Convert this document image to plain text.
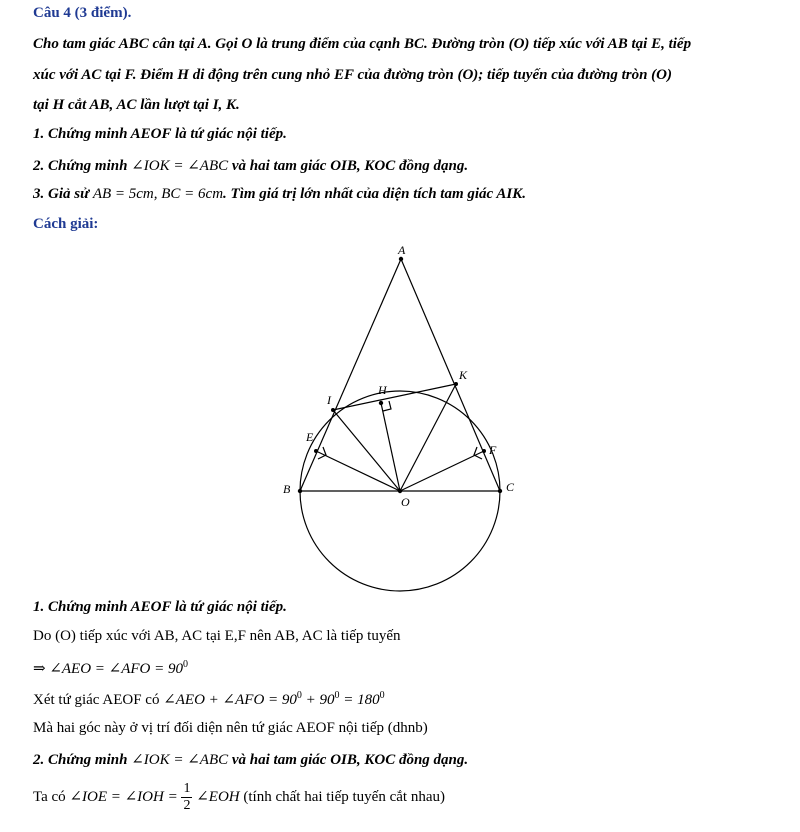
Câu 4 (3 điểm).
Cho tam giác ABC cân tại A. Gọi O là trung điểm của cạnh BC. Đường tròn (O) tiếp xúc với AB tại E, tiếp
xúc với AC tại F. Điểm H di động trên cung nhỏ EF của đường tròn (O); tiếp tuyến của đường tròn (O)
tại H cắt AB, AC lần lượt tại I, K.
1. Chứng minh AEOF là tứ giác nội tiếp.
2. Chứng minh ∠IOK = ∠ABC và hai tam giác OIB, KOC đồng dạng.
3. Giả sử AB = 5cm, BC = 6cm. Tìm giá trị lớn nhất của diện tích tam giác AIK.
Cách giải:
A
B	C
O
E
F
H
I
K
1. Chứng minh AEOF là tứ giác nội tiếp.
Do (O) tiếp xúc với AB, AC tại E,F nên AB, AC là tiếp tuyến
⇒ ∠AEO = ∠AFO = $90^0$
Xét tứ giác AEOF có ∠AEO + ∠AFO = $90^0 + 90^0 = 180^0$
Mà hai góc này ở vị trí đối diện nên tứ giác AEOF nội tiếp (dhnb)
2. Chứng minh ∠IOK = ∠ABC và hai tam giác OIB, KOC đồng dạng.
Ta có ∠IOE = ∠IOH = $\frac{1}{2}$ ∠EOH (tính chất hai tiếp tuyến cắt nhau)
